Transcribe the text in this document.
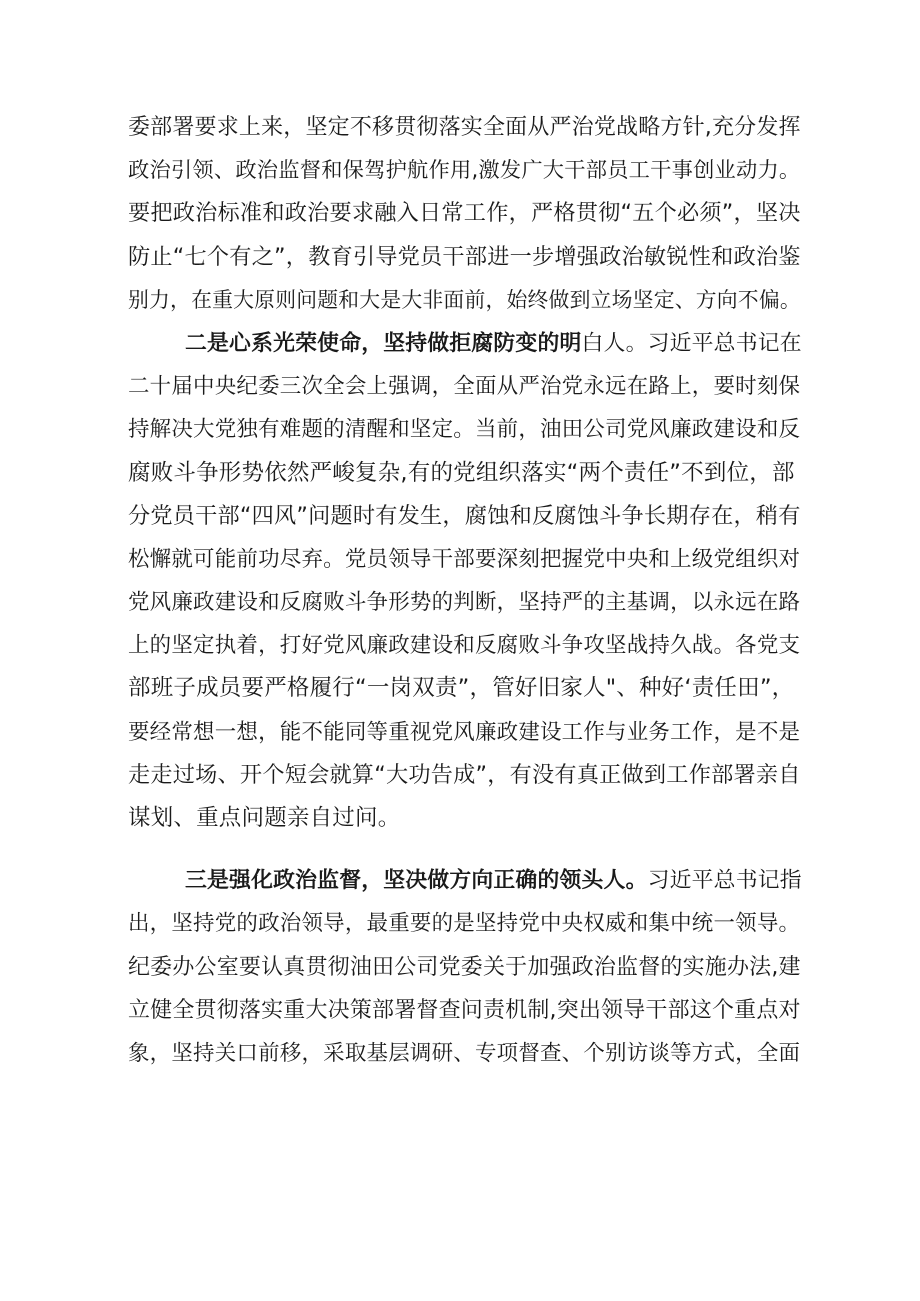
委部署要求上来，坚定不移贯彻落实全面从严治党战略方针,充分发挥
政治引领、政治监督和保驾护航作用,激发广大干部员工干事创业动力。
要把政治标准和政治要求融入日常工作，严格贯彻“五个必须”，坚决
防止“七个有之”，教育引导党员干部进一步增强政治敏锐性和政治鉴
别力，在重大原则问题和大是大非面前，始终做到立场坚定、方向不偏。
二是心系光荣使命，坚持做拒腐防变的明白人。习近平总书记在
二十届中央纪委三次全会上强调，全面从严治党永远在路上，要时刻保
持解决大党独有难题的清醒和坚定。当前，油田公司党风廉政建设和反
腐败斗争形势依然严峻复杂,有的党组织落实“两个责任”不到位，部
分党员干部“四风”问题时有发生，腐蚀和反腐蚀斗争长期存在，稍有
松懈就可能前功尽弃。党员领导干部要深刻把握党中央和上级党组织对
党风廉政建设和反腐败斗争形势的判断，坚持严的主基调，以永远在路
上的坚定执着，打好党风廉政建设和反腐败斗争攻坚战持久战。各党支
部班子成员要严格履行“一岗双责”，管好旧家人"、种好‘责任田”，
要经常想一想，能不能同等重视党风廉政建设工作与业务工作，是不是
走走过场、开个短会就算“大功告成”，有没有真正做到工作部署亲自
谋划、重点问题亲自过问。
三是强化政治监督，坚决做方向正确的领头人。习近平总书记指
出，坚持党的政治领导，最重要的是坚持党中央权威和集中统一领导。
纪委办公室要认真贯彻油田公司党委关于加强政治监督的实施办法,建
立健全贯彻落实重大决策部署督查问责机制,突出领导干部这个重点对
象，坚持关口前移，采取基层调研、专项督查、个别访谈等方式，全面
